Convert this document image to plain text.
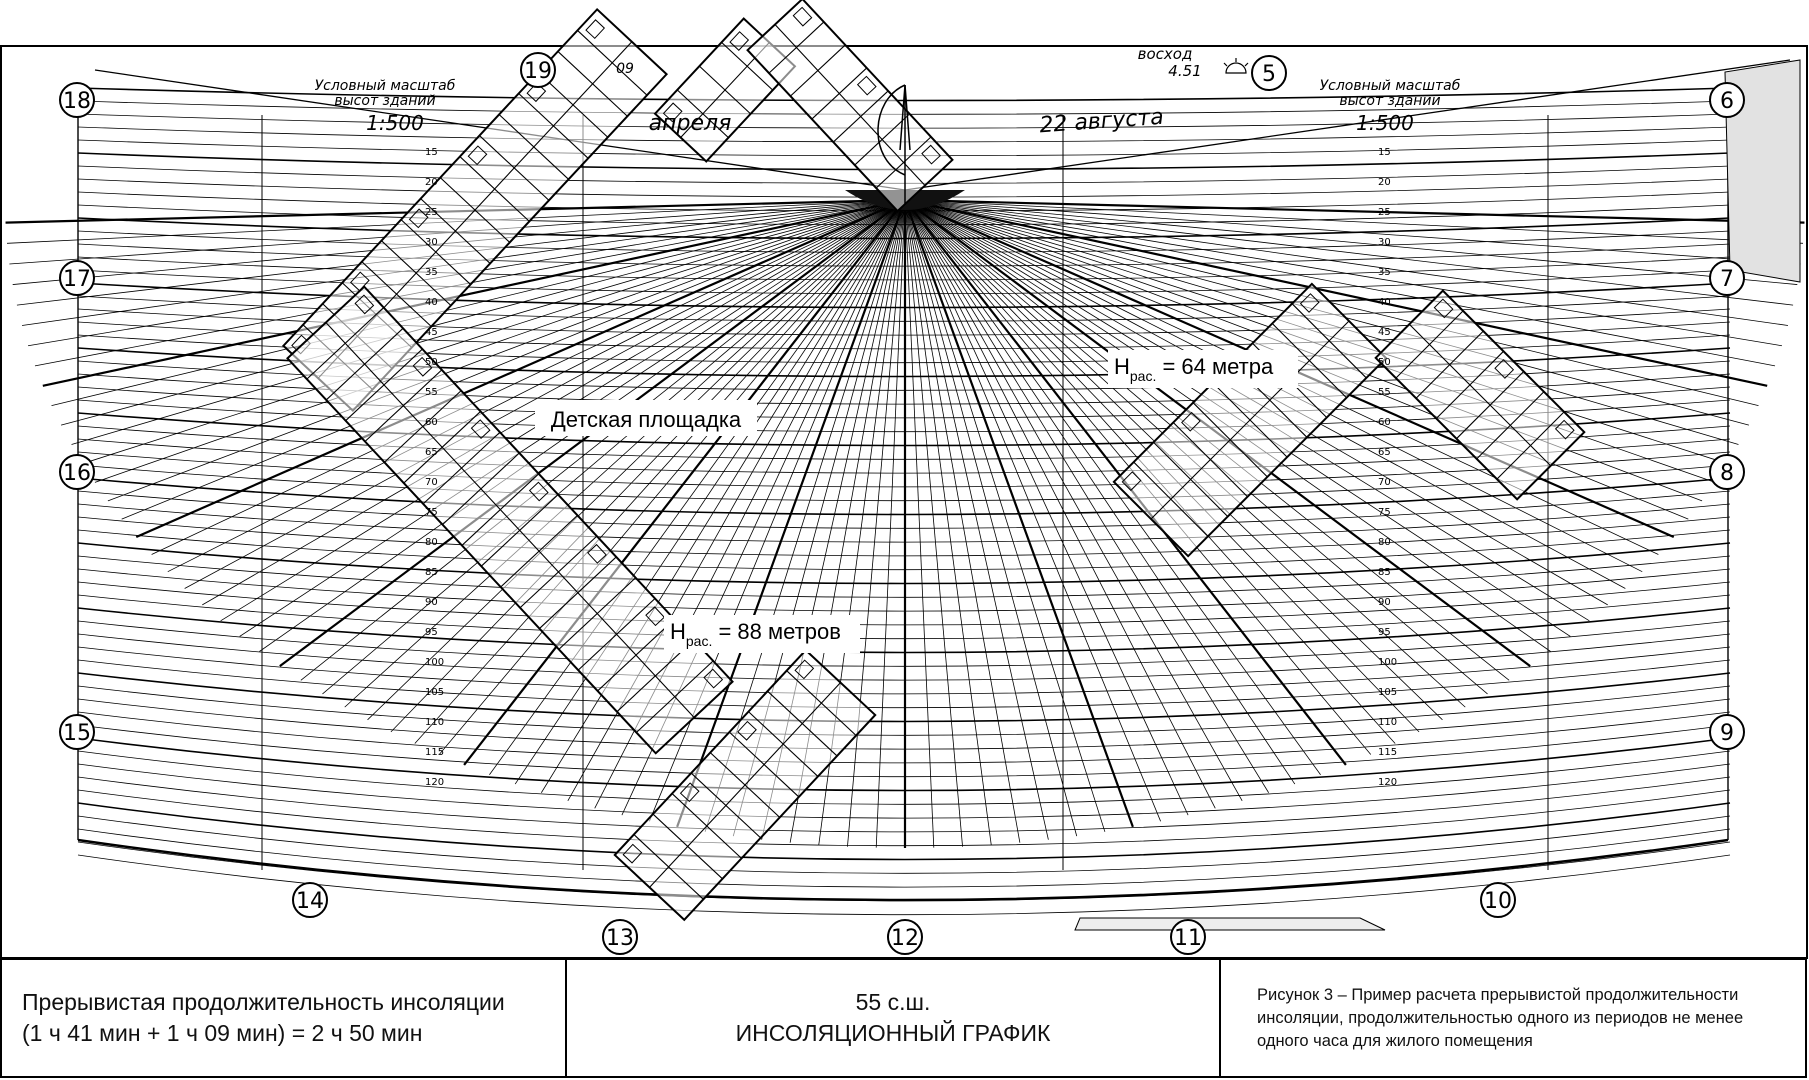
15
15
20
20
25
25
30
30
35
35
40
40
45
45
50
50
55
55
60
60
65
65
70
70
75
75
80
80
85
85
90
90
95
95
100
100
105
105
110
110
115
115
120
120
Условный масштаб
высот зданий
1:500
Условный масштаб
высот зданий
1:500
восход
4.51
апреля	22 августа
09
Детская площадка
$H_{рас.} = 64$ метра
$H_{рас.} = 88$ метров
18
17
16
15
14
13	12	11
10
9
8
7
6
19	5
Прерывистая продолжительность инсоляции
(1 ч 41 мин + 1 ч 09 мин) = 2 ч 50 мин
55 с.ш.
ИНСОЛЯЦИОННЫЙ ГРАФИК
Рисунок 3 – Пример расчета прерывистой продолжительности инсоляции, продолжительностью одного из периодов не менее одного часа для жилого помещения
